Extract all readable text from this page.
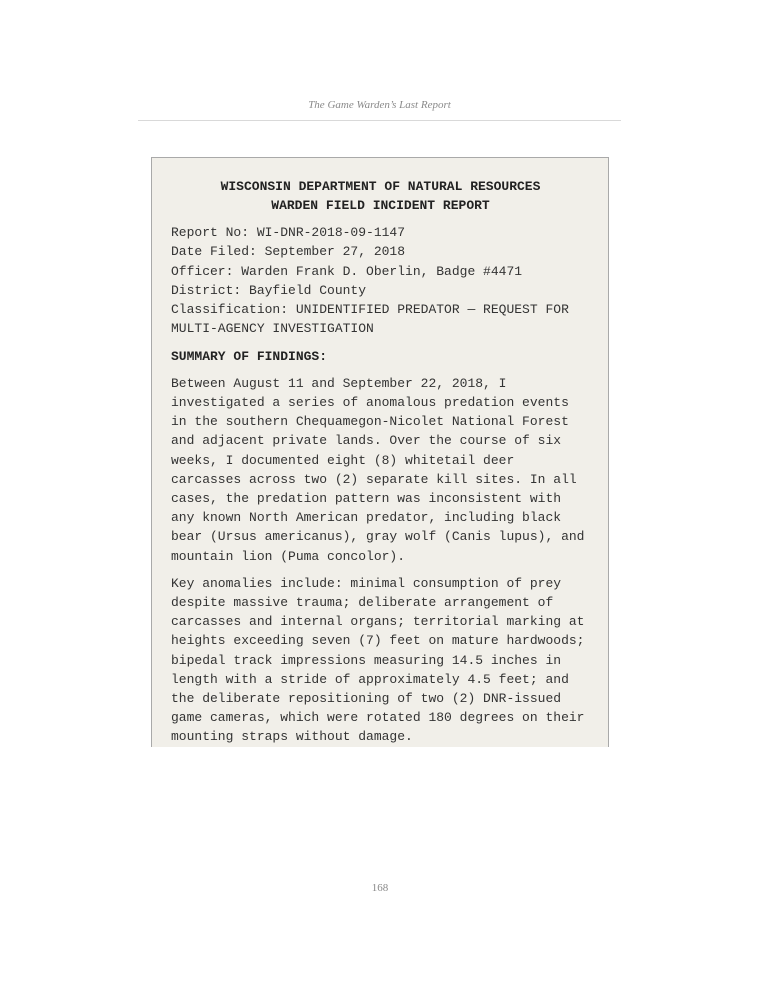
The Game Warden’s Last Report
WISCONSIN DEPARTMENT OF NATURAL RESOURCES
WARDEN FIELD INCIDENT REPORT
Report No: WI-DNR-2018-09-1147
Date Filed: September 27, 2018
Officer: Warden Frank D. Oberlin, Badge #4471
District: Bayfield County
Classification: UNIDENTIFIED PREDATOR — REQUEST FOR MULTI-AGENCY INVESTIGATION
SUMMARY OF FINDINGS:
Between August 11 and September 22, 2018, I investigated a series of anomalous predation events in the southern Chequamegon-Nicolet National Forest and adjacent private lands. Over the course of six weeks, I documented eight (8) whitetail deer carcasses across two (2) separate kill sites. In all cases, the predation pattern was inconsistent with any known North American predator, including black bear (Ursus americanus), gray wolf (Canis lupus), and mountain lion (Puma concolor).
Key anomalies include: minimal consumption of prey despite massive trauma; deliberate arrangement of carcasses and internal organs; territorial marking at heights exceeding seven (7) feet on mature hardwoods; bipedal track impressions measuring 14.5 inches in length with a stride of approximately 4.5 feet; and the deliberate repositioning of two (2) DNR-issued game cameras, which were rotated 180 degrees on their mounting straps without damage.
168
